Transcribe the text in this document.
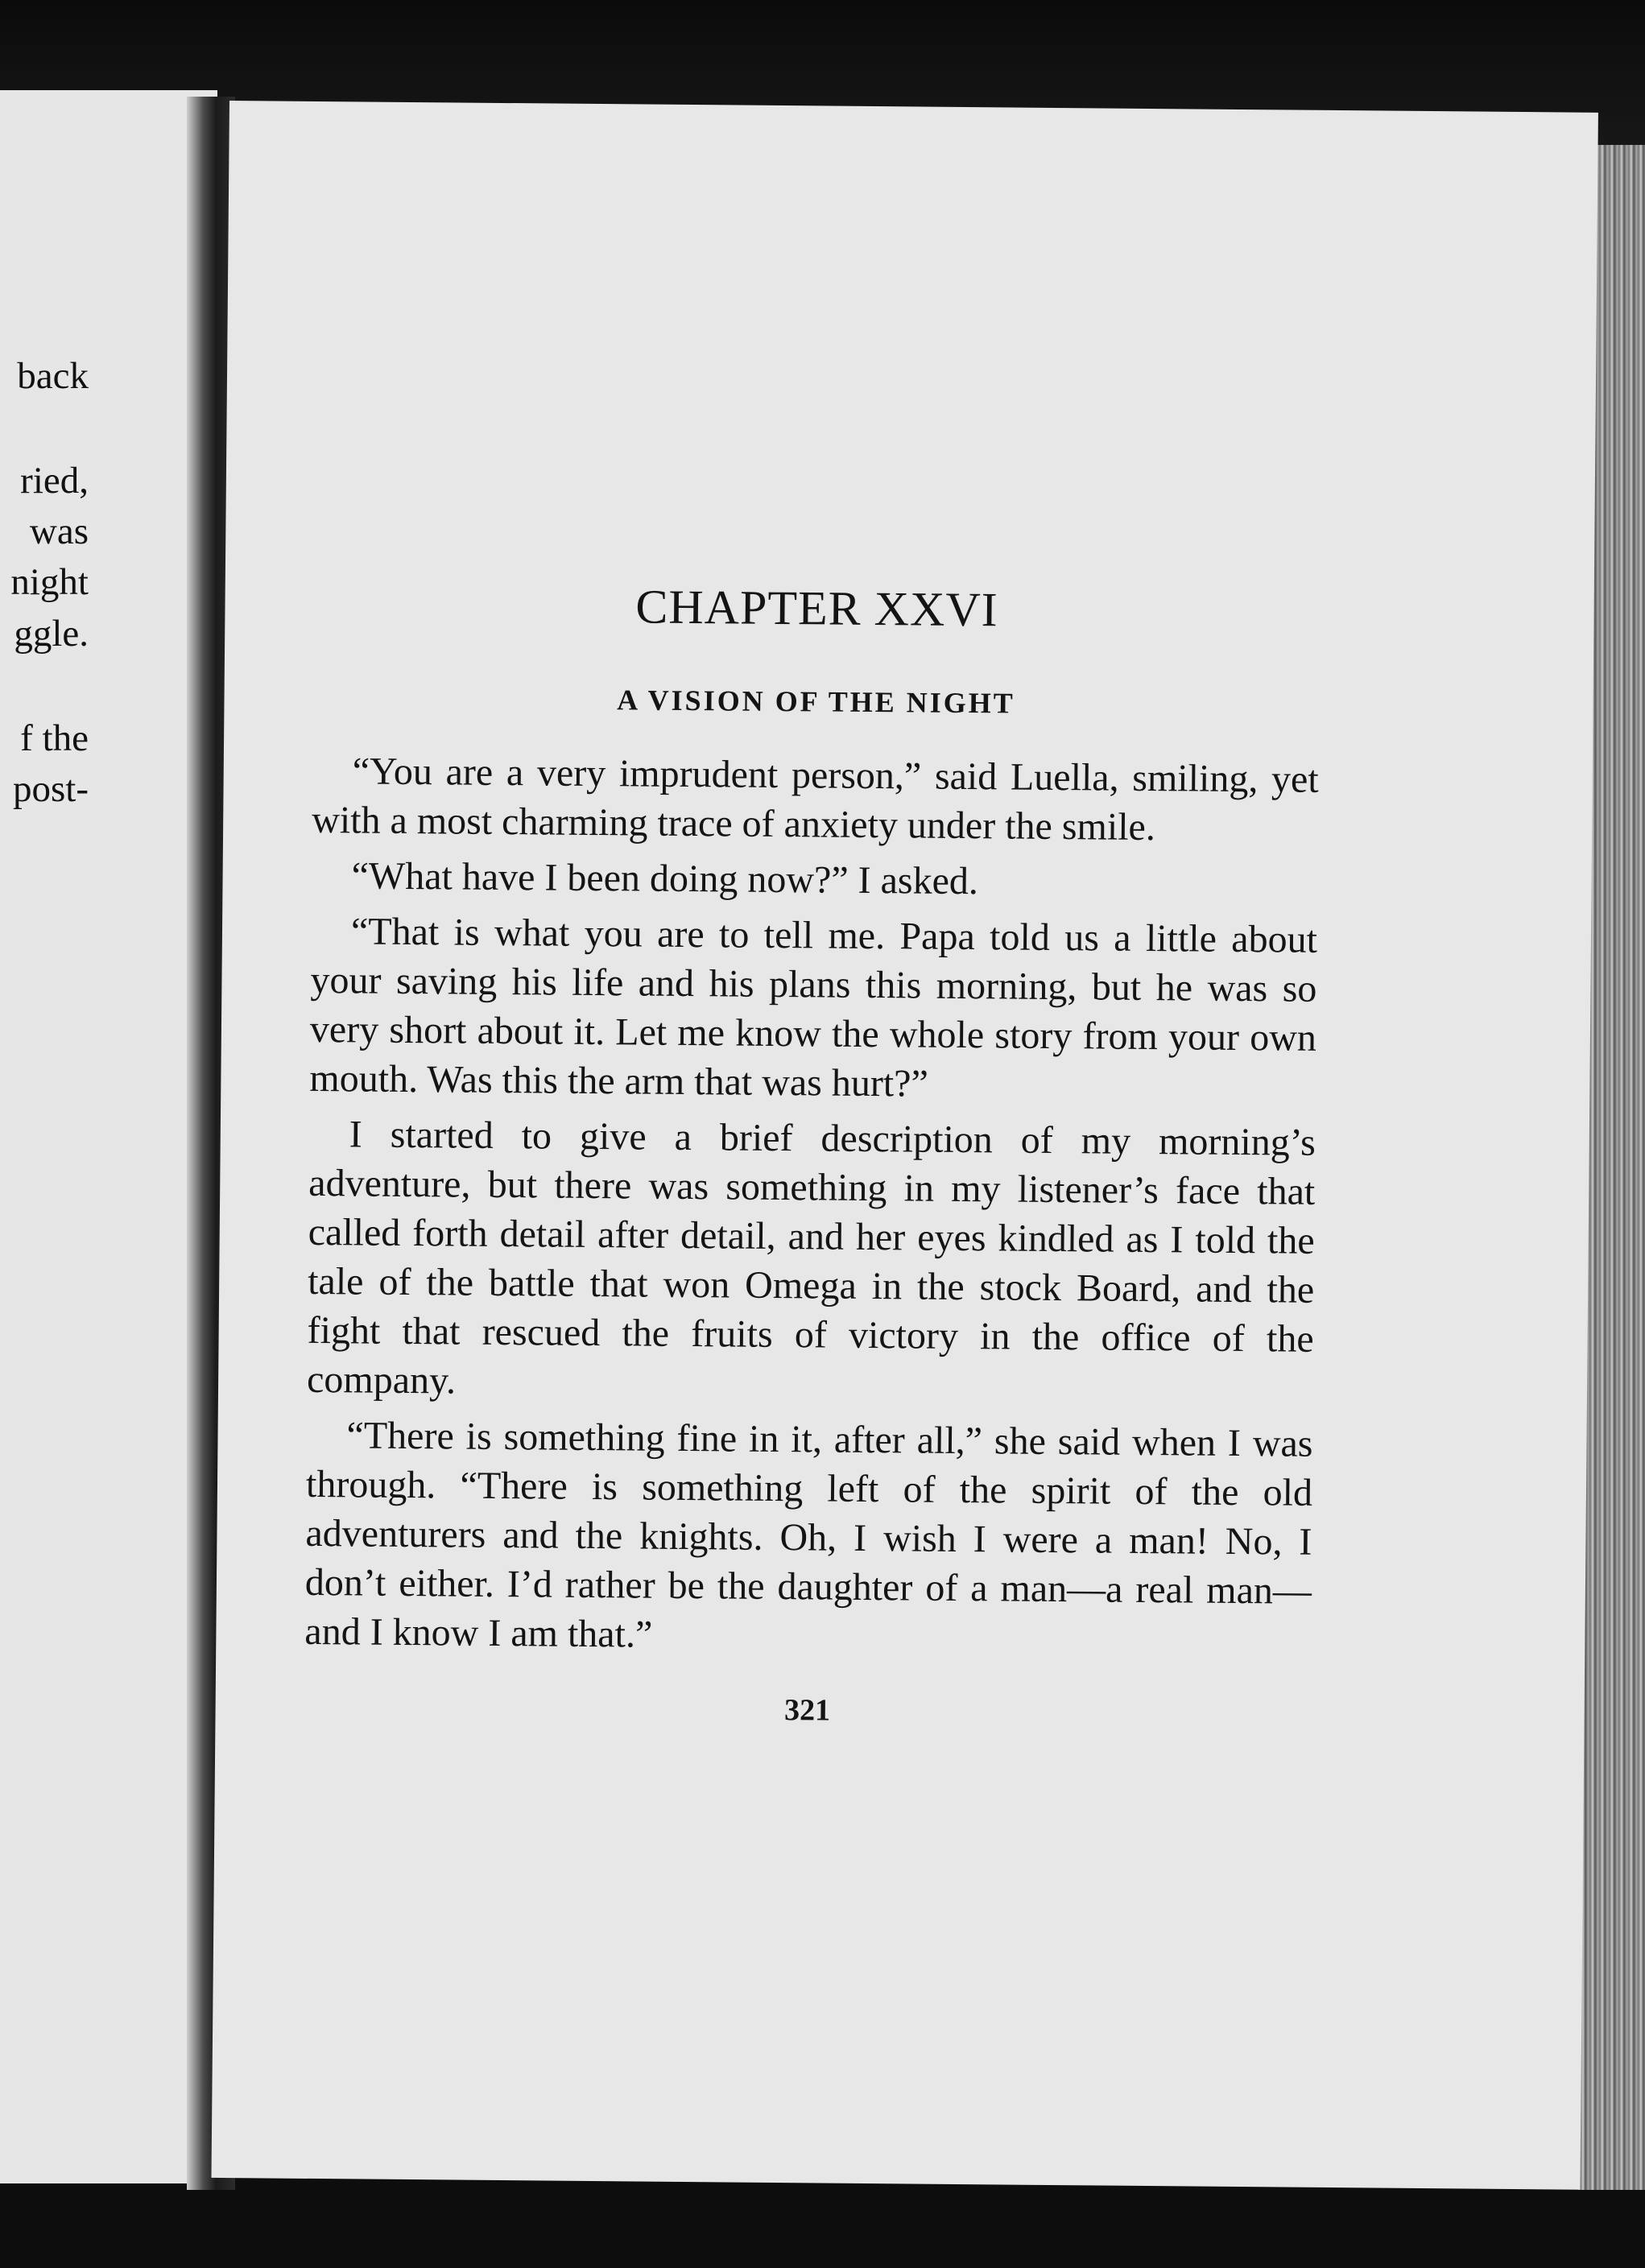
back
ried,
was
night
ggle.
f the
post-
CHAPTER XXVI
A VISION OF THE NIGHT

“You are a very imprudent person,” said Luella, smiling, yet with a most charming trace of anxiety under the smile.

“What have I been doing now?” I asked.

“That is what you are to tell me. Papa told us a little about your saving his life and his plans this morning, but he was so very short about it. Let me know the whole story from your own mouth. Was this the arm that was hurt?”

I started to give a brief description of my morning’s adventure, but there was something in my listener’s face that called forth detail after detail, and her eyes kindled as I told the tale of the battle that won Omega in the stock Board, and the fight that rescued the fruits of victory in the office of the company.

“There is something fine in it, after all,” she said when I was through. “There is something left of the spirit of the old adventurers and the knights. Oh, I wish I were a man! No, I don’t either. I’d rather be the daughter of a man—a real man—and I know I am that.”

321
